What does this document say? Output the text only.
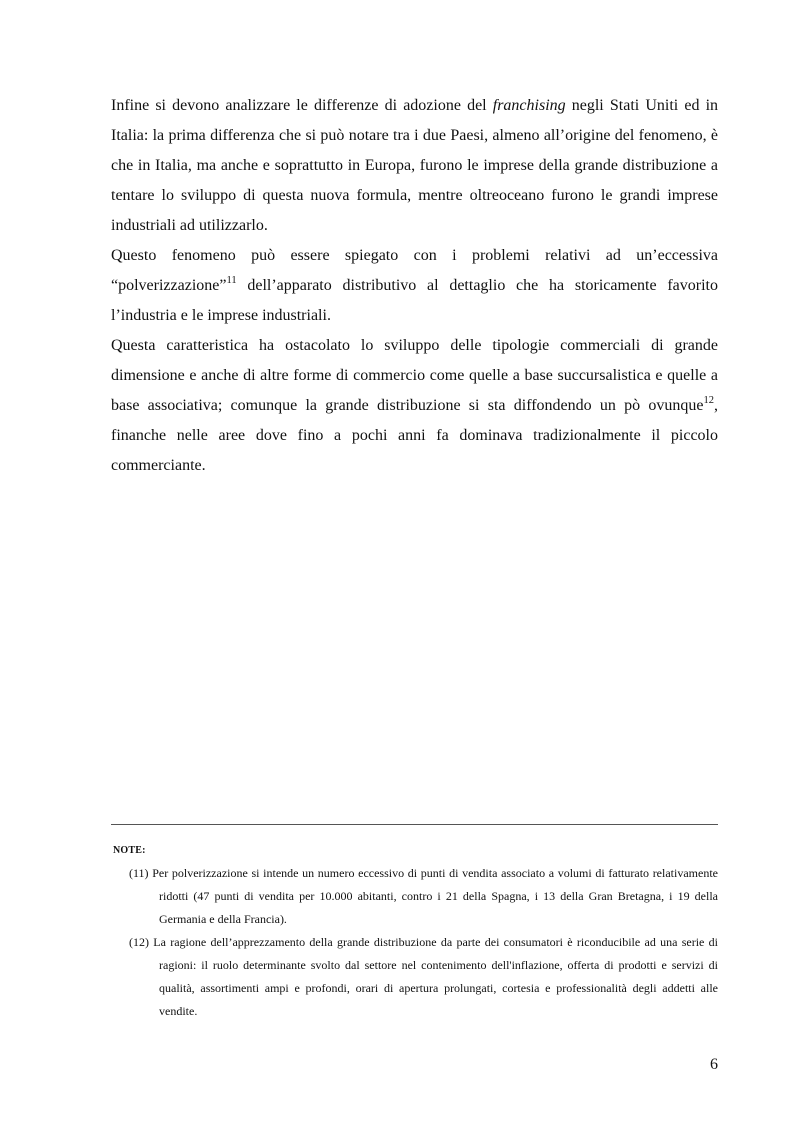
Infine si devono analizzare le differenze di adozione del franchising negli Stati Uniti ed in Italia: la prima differenza che si può notare tra i due Paesi, almeno all’origine del fenomeno, è che in Italia, ma anche e soprattutto in Europa, furono le imprese della grande distribuzione a tentare lo sviluppo di questa nuova formula, mentre oltreoceano furono le grandi imprese industriali ad utilizzarlo.

Questo fenomeno può essere spiegato con i problemi relativi ad un’eccessiva “polverizzazione”$^{11}$ dell’apparato distributivo al dettaglio che ha storicamente favorito l’industria e le imprese industriali.

Questa caratteristica ha ostacolato lo sviluppo delle tipologie commerciali di grande dimensione e anche di altre forme di commercio come quelle a base succursalistica e quelle a base associativa; comunque la grande distribuzione si sta diffondendo un pò ovunque$^{12}$, finanche nelle aree dove fino a pochi anni fa dominava tradizionalmente il piccolo commerciante.

NOTE:
(11) Per polverizzazione si intende un numero eccessivo di punti di vendita associato a volumi di fatturato relativamente ridotti (47 punti di vendita per 10.000 abitanti, contro i 21 della Spagna, i 13 della Gran Bretagna, i 19 della Germania e della Francia).
(12) La ragione dell’apprezzamento della grande distribuzione da parte dei consumatori è riconducibile ad una serie di ragioni: il ruolo determinante svolto dal settore nel contenimento dell'inflazione, offerta di prodotti e servizi di qualità, assortimenti ampi e profondi, orari di apertura prolungati, cortesia e professionalità degli addetti alle vendite.
6
